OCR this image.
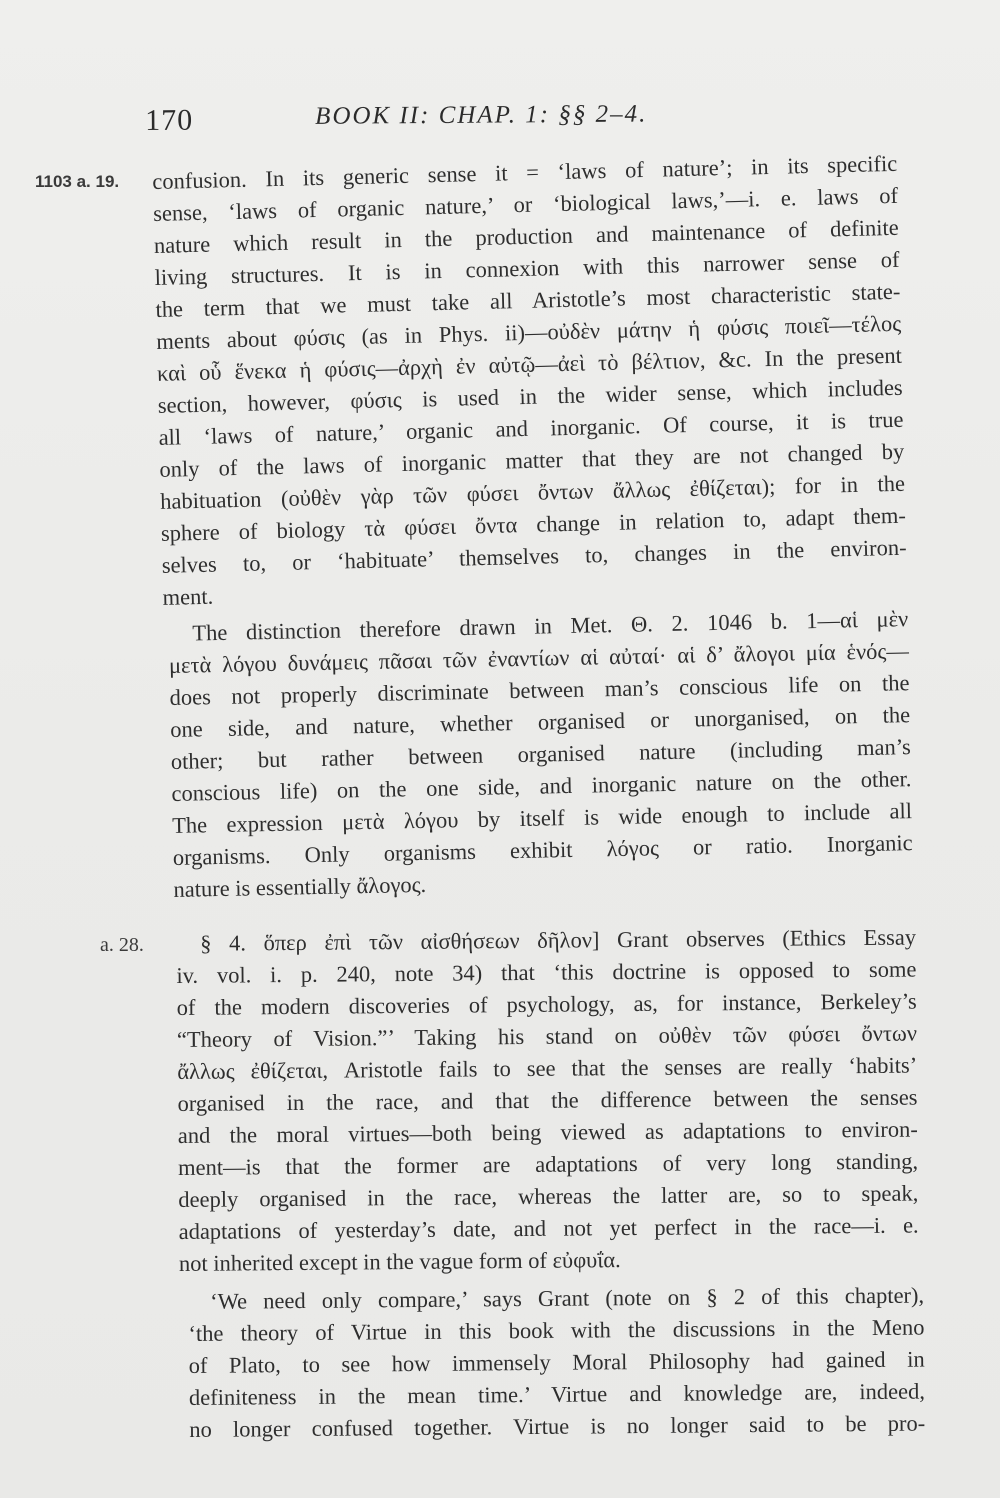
170	BOOK II: CHAP. 1: §§ 2–4.
1103 a. 19. confusion. In its generic sense it = ‘laws of nature’; in its specific
sense, ‘laws of organic nature,’ or ‘biological laws,’—i. e. laws of
nature which result in the production and maintenance of definite
living structures. It is in connexion with this narrower sense of
the term that we must take all Aristotle’s most characteristic state-
ments about φύσις (as in Phys. ii)—οὐδὲν μάτην ἡ φύσις ποιεῖ—τέλος
καὶ οὗ ἕνεκα ἡ φύσις—ἀρχὴ ἐν αὐτῷ—ἀεὶ τὸ βέλτιον, &c. In the present
section, however, φύσις is used in the wider sense, which includes
all ‘laws of nature,’ organic and inorganic. Of course, it is true
only of the laws of inorganic matter that they are not changed by
habituation (οὐθὲν γὰρ τῶν φύσει ὄντων ἄλλως ἐθίζεται); for in the
sphere of biology τὰ φύσει ὄντα change in relation to, adapt them-
selves to, or ‘habituate’ themselves to, changes in the environ-
ment.
The distinction therefore drawn in Met. Θ. 2. 1046 b. 1—αἱ μὲν
μετὰ λόγου δυνάμεις πᾶσαι τῶν ἐναντίων αἱ αὐταί· αἱ δ’ ἄλογοι μία ἑνός—
does not properly discriminate between man’s conscious life on the
one side, and nature, whether organised or unorganised, on the
other; but rather between organised nature (including man’s
conscious life) on the one side, and inorganic nature on the other.
The expression μετὰ λόγου by itself is wide enough to include all
organisms. Only organisms exhibit λόγος or ratio. Inorganic
nature is essentially ἄλογος.
a. 28. § 4. ὅπερ ἐπὶ τῶν αἰσθήσεων δῆλον] Grant observes (Ethics Essay
iv. vol. i. p. 240, note 34) that ‘this doctrine is opposed to some
of the modern discoveries of psychology, as, for instance, Berkeley’s
“Theory of Vision.”’ Taking his stand on οὐθὲν τῶν φύσει ὄντων
ἄλλως ἐθίζεται, Aristotle fails to see that the senses are really ‘habits’
organised in the race, and that the difference between the senses
and the moral virtues—both being viewed as adaptations to environ-
ment—is that the former are adaptations of very long standing,
deeply organised in the race, whereas the latter are, so to speak,
adaptations of yesterday’s date, and not yet perfect in the race—i. e.
not inherited except in the vague form of εὐφυΐα.
‘We need only compare,’ says Grant (note on § 2 of this chapter),
‘the theory of Virtue in this book with the discussions in the Meno
of Plato, to see how immensely Moral Philosophy had gained in
definiteness in the mean time.’ Virtue and knowledge are, indeed,
no longer confused together. Virtue is no longer said to be pro-
